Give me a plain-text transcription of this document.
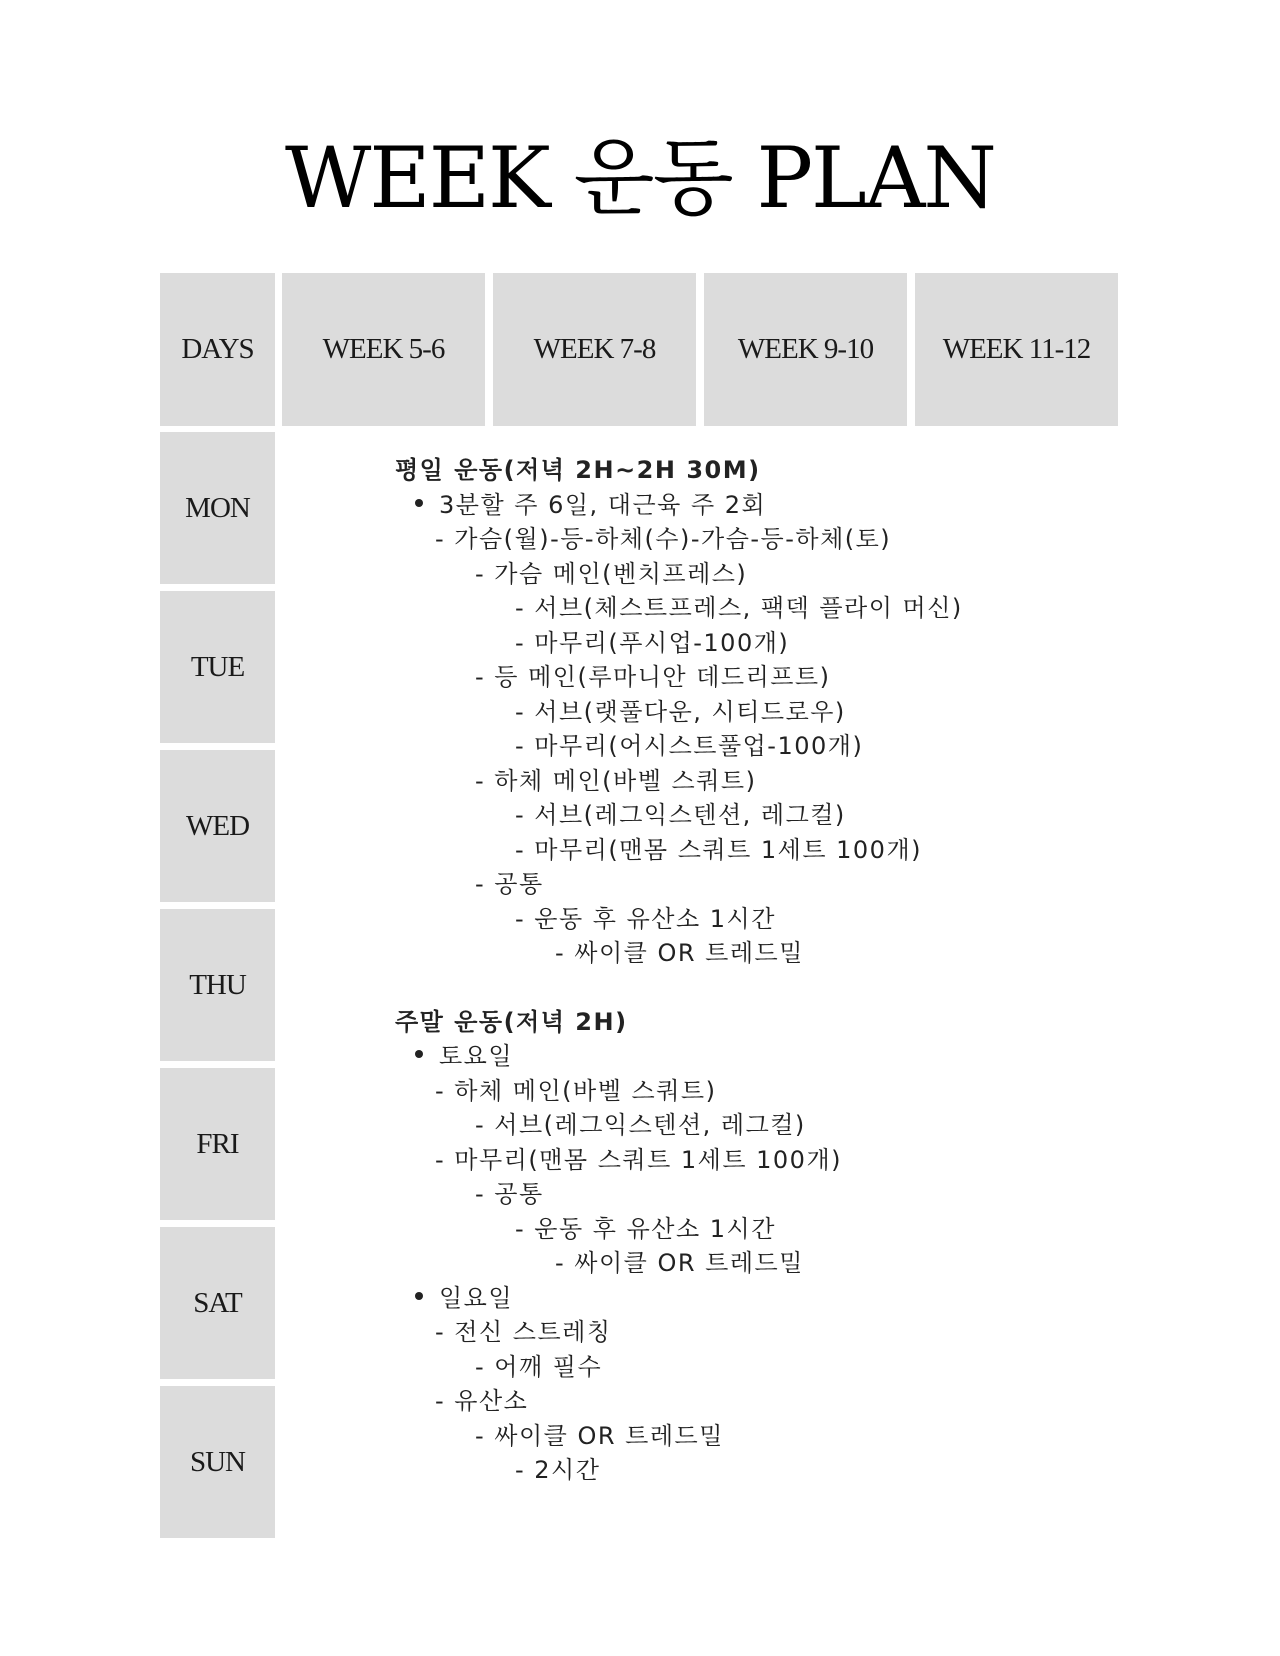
WEEK 운동 PLAN
DAYS	WEEK 5-6	WEEK 7-8	WEEK 9-10	WEEK 11-12
MON
TUE
WED
THU
FRI
SAT
SUN
평일 운동(저녁 2H~2H 30M)
3분할 주 6일, 대근육 주 2회
- 가슴(월)-등-하체(수)-가슴-등-하체(토)
- 가슴 메인(벤치프레스)
- 서브(체스트프레스, 팩덱 플라이 머신)
- 마무리(푸시업-100개)
- 등 메인(루마니안 데드리프트)
- 서브(랫풀다운, 시티드로우)
- 마무리(어시스트풀업-100개)
- 하체 메인(바벨 스쿼트)
- 서브(레그익스텐션, 레그컬)
- 마무리(맨몸 스쿼트 1세트 100개)
- 공통
- 운동 후 유산소 1시간
- 싸이클 OR 트레드밀
주말 운동(저녁 2H)
토요일
- 하체 메인(바벨 스쿼트)
- 서브(레그익스텐션, 레그컬)
- 마무리(맨몸 스쿼트 1세트 100개)
- 공통
- 운동 후 유산소 1시간
- 싸이클 OR 트레드밀
일요일
- 전신 스트레칭
- 어깨 필수
- 유산소
- 싸이클 OR 트레드밀
- 2시간
